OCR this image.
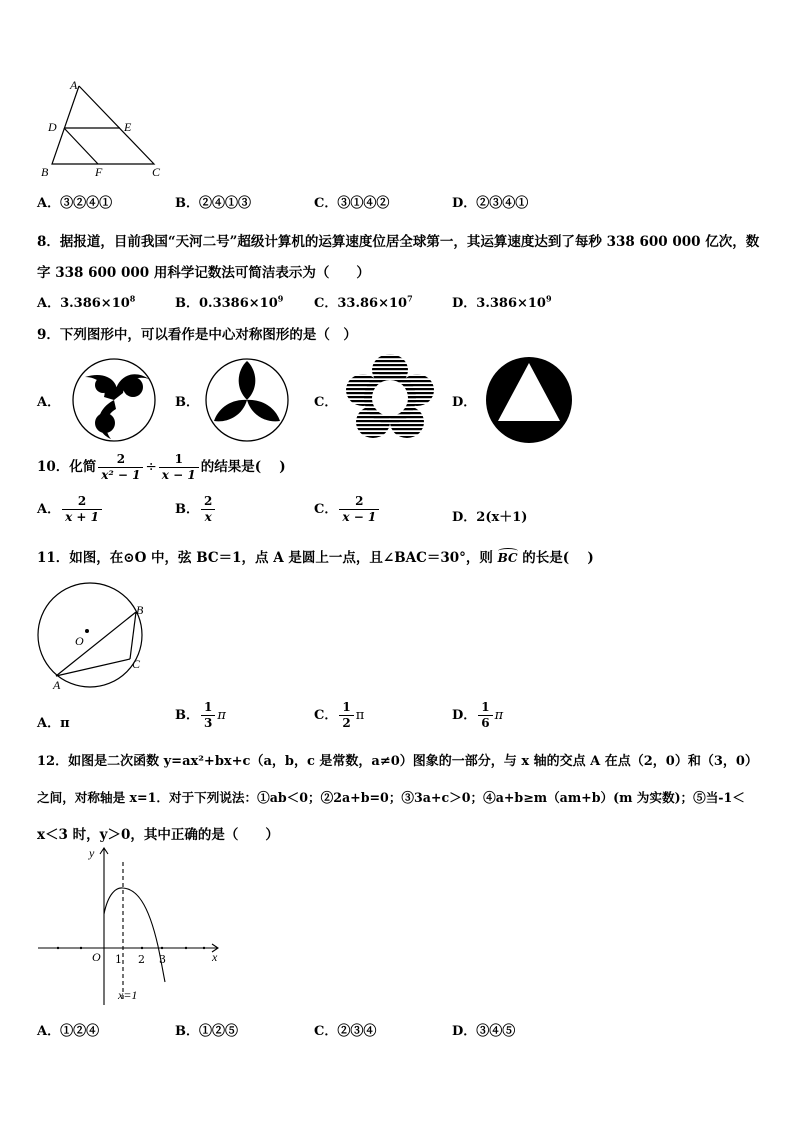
A
D	E
B	F	C
A．③②④①	B．②④①③	C．③①④②	D．②③④①
8．据报道，目前我国“天河二号”超级计算机的运算速度位居全球第一，其运算速度达到了每秒 338 600 000 亿次，数
字 338 600 000 用科学记数法可简洁表示为（　　）
A．$3.386\times 10^8$	B．$0.3386\times 10^9$ C．$33.86\times 10^7$	D．$3.386\times 10^9$
9．下列图形中，可以看作是中心对称图形的是（　）
A．	B．	C．	D．
10．化简 $\frac{2}{\text{x² − 1}} \div \frac{1}{x - 1}$ 的结果是(　 )
A． $\frac{2}{x + 1}$	B． $\frac{2}{x}$	C． $\frac{2}{x - 1}$	D．2(x＋1)
11．如图，在⊙O 中，弦 BC＝1，点 A 是圆上一点，且∠BAC＝30°，则 BC 的长是(　 )
O
A
B
C
A．π
B． $\frac{1}{3}$ π	C． $\frac{1}{2}$ π	D． $\frac{1}{6}$ π
12．如图是二次函数 y=ax²+bx+c（a，b，c 是常数，a≠0）图象的一部分，与 x 轴的交点 A 在点（2，0）和（3，0）
之间，对称轴是 x=1．对于下列说法：①ab＜0；②2a+b=0；③3a+c＞0；④a+b≥m（am+b）(m 为实数)；⑤当-1＜
x＜3 时，y＞0，其中正确的是（　　）
y
x
O 1 2 3
x=1
A．①②④	B．①②⑤	C．②③④	D．③④⑤
